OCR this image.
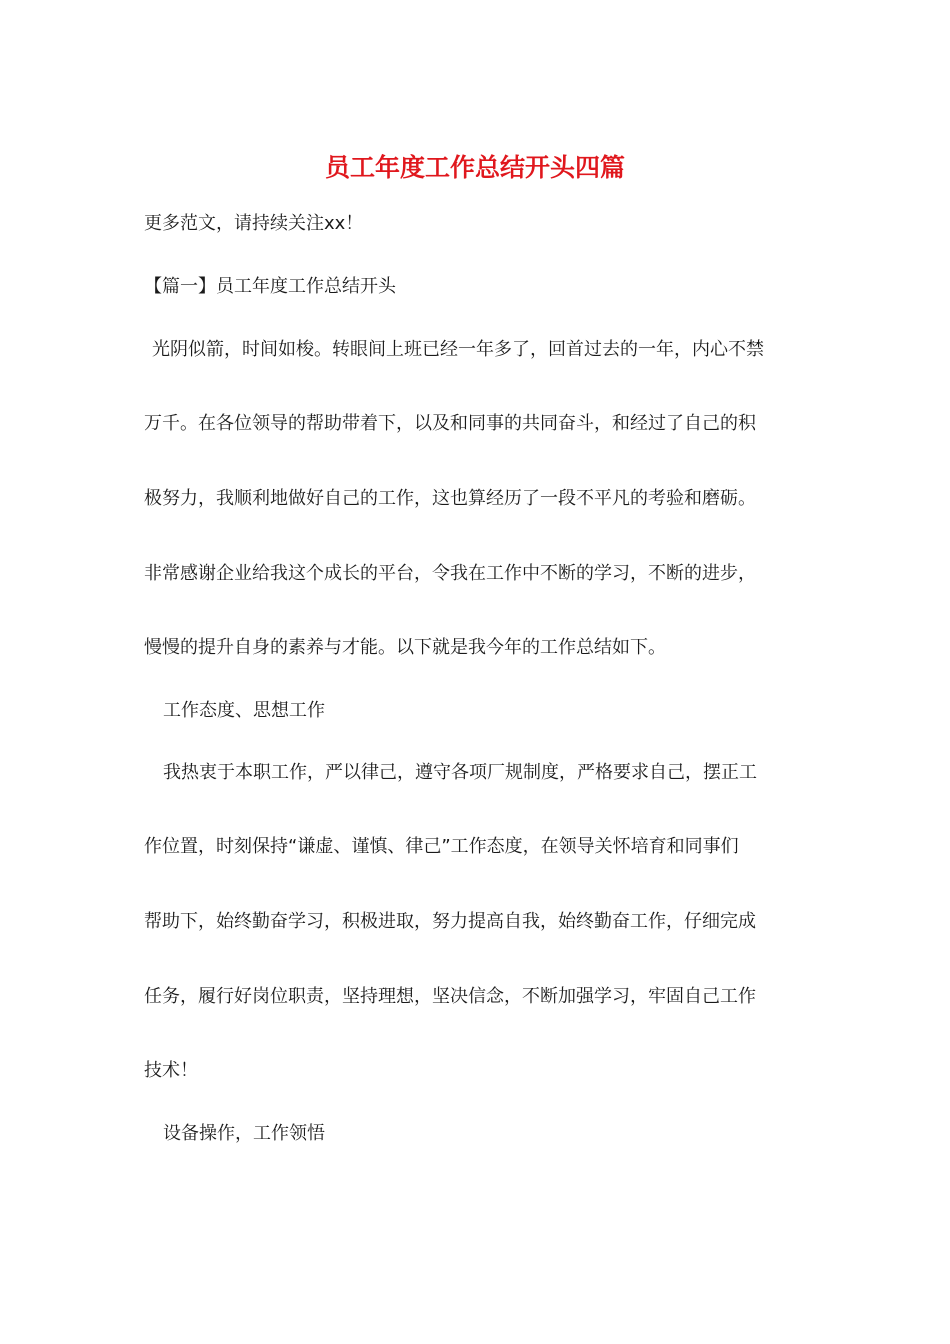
员工年度工作总结开头四篇
更多范文，请持续关注xx！
【篇一】员工年度工作总结开头
光阴似箭，时间如梭。转眼间上班已经一年多了，回首过去的一年，内心不禁
万千。在各位领导的帮助带着下，以及和同事的共同奋斗，和经过了自己的积
极努力，我顺利地做好自己的工作，这也算经历了一段不平凡的考验和磨砺。
非常感谢企业给我这个成长的平台，令我在工作中不断的学习，不断的进步，
慢慢的提升自身的素养与才能。以下就是我今年的工作总结如下。
工作态度、思想工作
我热衷于本职工作，严以律己，遵守各项厂规制度，严格要求自己，摆正工
作位置，时刻保持“谦虚、谨慎、律己”工作态度，在领导关怀培育和同事们
帮助下，始终勤奋学习，积极进取，努力提高自我，始终勤奋工作，仔细完成
任务，履行好岗位职责，坚持理想，坚决信念，不断加强学习，牢固自己工作
技术！
设备操作，工作领悟
